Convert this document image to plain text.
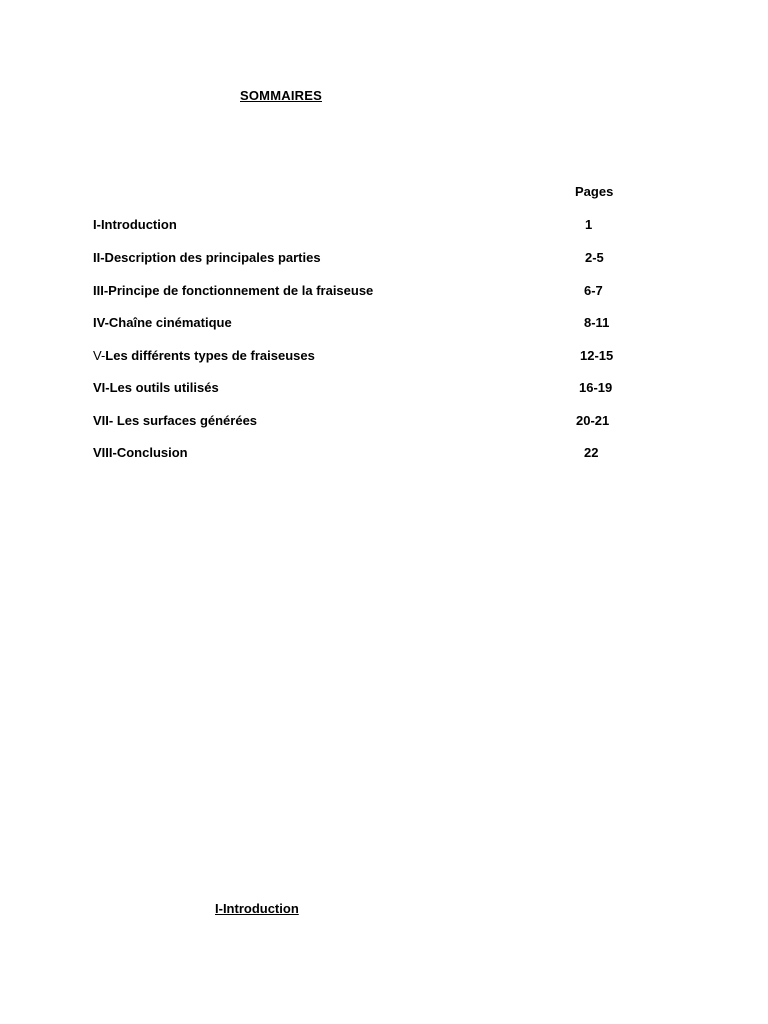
SOMMAIRES
Pages
I-Introduction	1
II-Description des principales parties	2-5
III-Principe de fonctionnement de la fraiseuse	6-7
IV-Chaîne cinématique	8-11
V-Les différents types de fraiseuses	12-15
VI-Les outils utilisés	16-19
VII- Les surfaces générées	20-21
VIII-Conclusion	22
I-Introduction
